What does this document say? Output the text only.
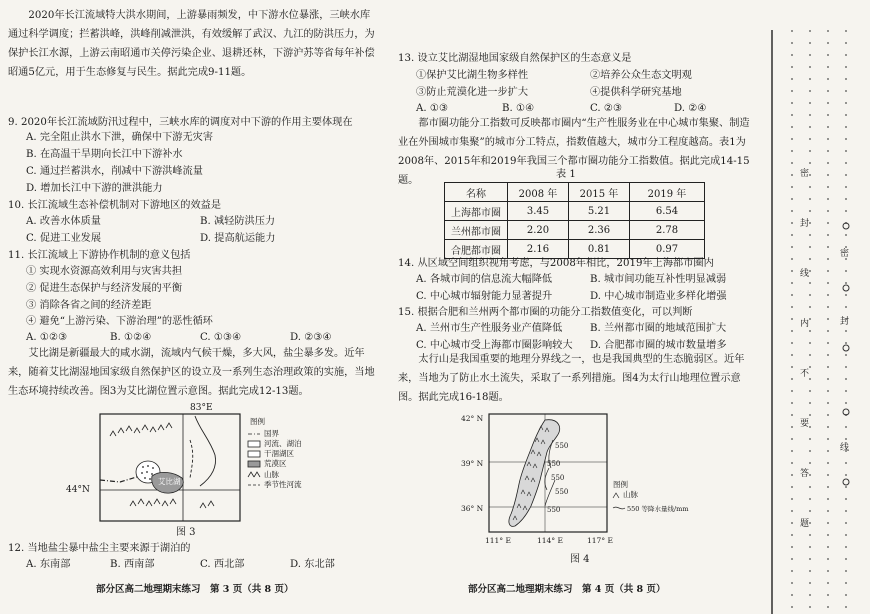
2020年长江流域特大洪水期间，上游暴雨频发，中下游水位暴涨，三峡水库通过科学调度；拦蓄洪峰，洪峰削减泄洪，有效缓解了武汉、九江的防洪压力，为保护长江水源，上游云南昭通市关停污染企业、退耕还林，下游沪苏等省每年补偿昭通5亿元，用于生态修复与民生。据此完成9-11题。
9. 2020年长江流域防汛过程中，三峡水库的调度对中下游的作用主要体现在
A. 完全阻止洪水下泄，确保中下游无灾害
B. 在高温干旱期向长江中下游补水
C. 通过拦蓄洪水，削减中下游洪峰流量
D. 增加长江中下游的泄洪能力
10. 长江流域生态补偿机制对下游地区的效益是
A. 改善水体质量	B. 减轻防洪压力
C. 促进工业发展	D. 提高航运能力
11. 长江流域上下游协作机制的意义包括
① 实现水资源高效利用与灾害共担
② 促进生态保护与经济发展的平衡
③ 消除各省之间的经济差距
④ 避免“上游污染、下游治理”的恶性循环
A. ①②③	B. ①②④	C. ①③④	D. ②③④
艾比湖是新疆最大的咸水湖，流域内气候干燥，多大风，盐尘暴多发。近年来，随着艾比湖湿地国家级自然保护区的设立及一系列生态治理政策的实施，当地生态环境持续改善。图3为艾比湖位置示意图。据此完成12-13题。
83°E
44°N
艾比湖
图例
国界
河流、湖泊
干涸湖区
荒漠区
山脉
季节性河流
图 3
12. 当地盐尘暴中盐尘主要来源于湖泊的
A. 东南部	B. 西南部	C. 西北部	D. 东北部
部分区高二地理期末练习　第 3 页（共 8 页）
13. 设立艾比湖湿地国家级自然保护区的生态意义是
①保护艾比湖生物多样性	②培养公众生态文明观
③防止荒漠化进一步扩大	④提供科学研究基地
A. ①③	B. ①④	C. ②③	D. ②④
都市圈功能分工指数可反映都市圈内“生产性服务业在中心城市集聚、制造业在外围城市集聚”的城市分工特点，指数值越大，城市分工程度越高。表1为2008年、2015年和2019年我国三个都市圈功能分工指数值。据此完成14-15题。
表 1
名称	2008 年	2015 年	2019 年
上海都市圈	3.45	5.21	6.54
兰州都市圈	2.20	2.36	2.78
合肥都市圈	2.16	0.81	0.97
14. 从区域空间组织视角考虑，与2008年相比，2019年上海都市圈内
A. 各城市间的信息流大幅降低	B. 城市间功能互补性明显减弱
C. 中心城市辐射能力显著提升	D. 中心城市制造业多样化增强
15. 根据合肥和兰州两个都市圈的功能分工指数值变化，可以判断
A. 兰州市生产性服务业产值降低	B. 兰州都市圈的地域范围扩大
C. 中心城市受上海都市圈影响较大 D. 合肥都市圈的城市数量增多
太行山是我国重要的地理分界线之一，也是我国典型的生态脆弱区。近年来，当地为了防止水土流失，采取了一系列措施。图4为太行山地理位置示意图。据此完成16-18题。
42° N
39° N
36° N
111° E	114° E	117° E
550
550
550
550
550
图例
山脉
550 等降水量线/mm
图 4
部分区高二地理期末练习　第 4 页（共 8 页）
密
封
线
内
不
要
答
题
密
封
线
